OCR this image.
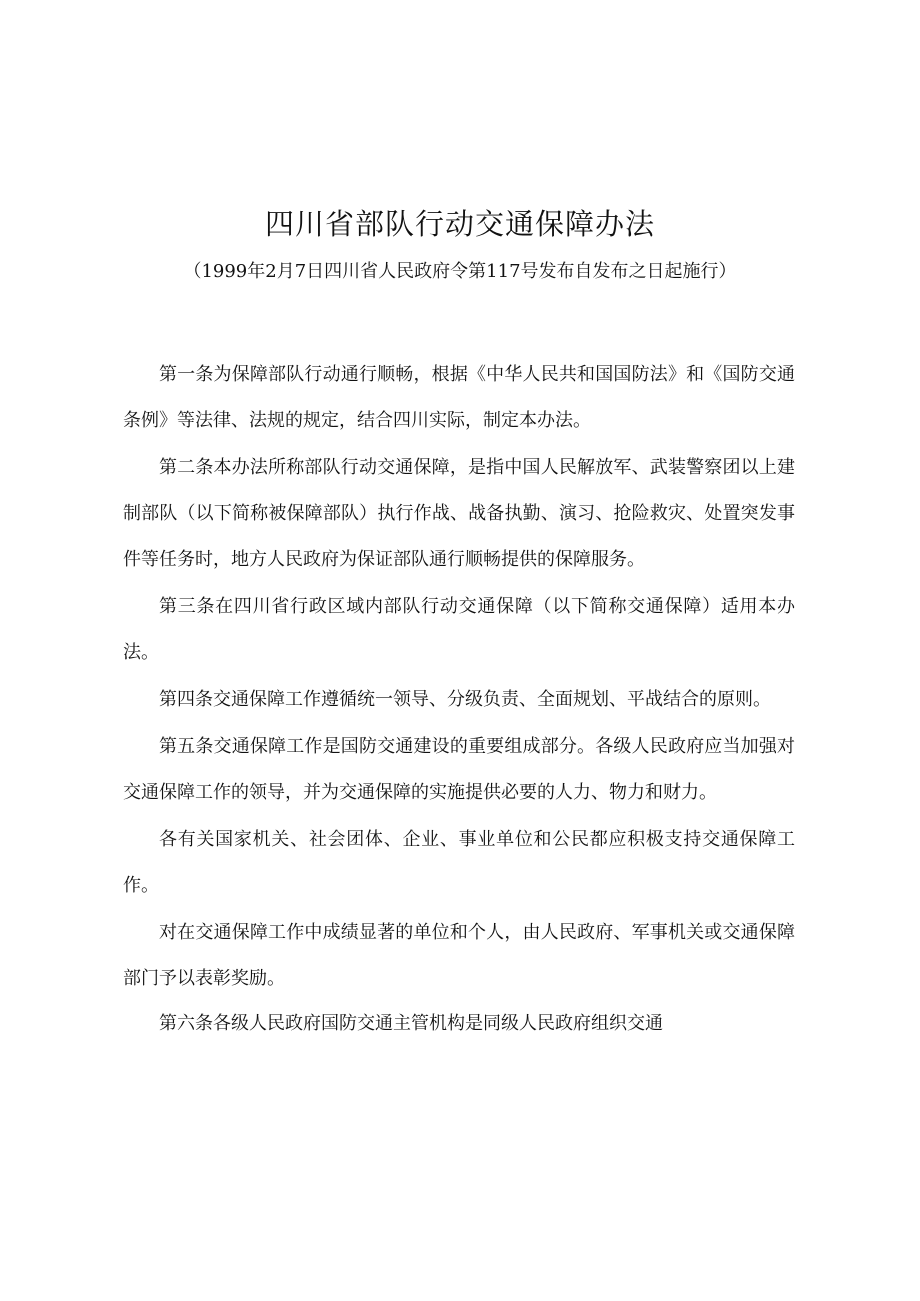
四川省部队行动交通保障办法
（1999年2月7日四川省人民政府令第117号发布自发布之日起施行）

第一条为保障部队行动通行顺畅，根据《中华人民共和国国防法》和《国防交通条例》等法律、法规的规定，结合四川实际，制定本办法。

第二条本办法所称部队行动交通保障，是指中国人民解放军、武装警察团以上建制部队（以下简称被保障部队）执行作战、战备执勤、演习、抢险救灾、处置突发事件等任务时，地方人民政府为保证部队通行顺畅提供的保障服务。

第三条在四川省行政区域内部队行动交通保障（以下简称交通保障）适用本办法。

第四条交通保障工作遵循统一领导、分级负责、全面规划、平战结合的原则。

第五条交通保障工作是国防交通建设的重要组成部分。各级人民政府应当加强对交通保障工作的领导，并为交通保障的实施提供必要的人力、物力和财力。

各有关国家机关、社会团体、企业、事业单位和公民都应积极支持交通保障工作。

对在交通保障工作中成绩显著的单位和个人，由人民政府、军事机关或交通保障部门予以表彰奖励。

第六条各级人民政府国防交通主管机构是同级人民政府组织交通
